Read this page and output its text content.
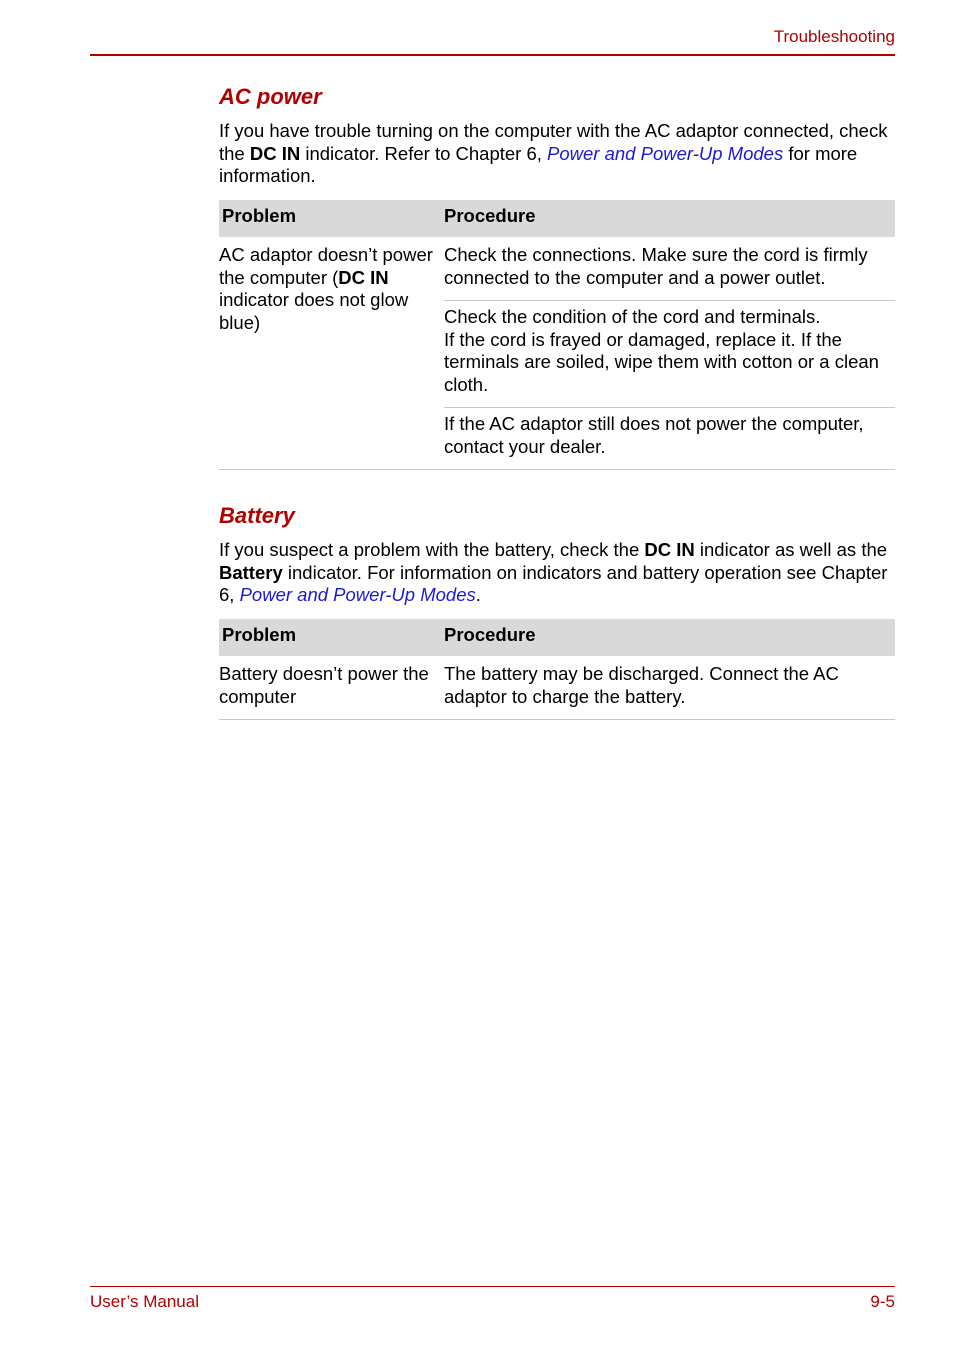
Troubleshooting
AC power

If you have trouble turning on the computer with the AC adaptor connected, check the DC IN indicator. Refer to Chapter 6, Power and Power-Up Modes for more information.

Problem	Procedure
AC adaptor doesn’t power the computer (DC IN indicator does not glow blue)	Check the connections. Make sure the cord is firmly connected to the computer and a power outlet.

	Check the condition of the cord and terminals.
If the cord is frayed or damaged, replace it. If the terminals are soiled, wipe them with cotton or a clean cloth.

	If the AC adaptor still does not power the computer, contact your dealer.
Battery

If you suspect a problem with the battery, check the DC IN indicator as well as the Battery indicator. For information on indicators and battery operation see Chapter 6, Power and Power-Up Modes.

Problem	Procedure
Battery doesn’t power the computer	The battery may be discharged. Connect the AC adaptor to charge the battery.
User’s Manual	9-5
